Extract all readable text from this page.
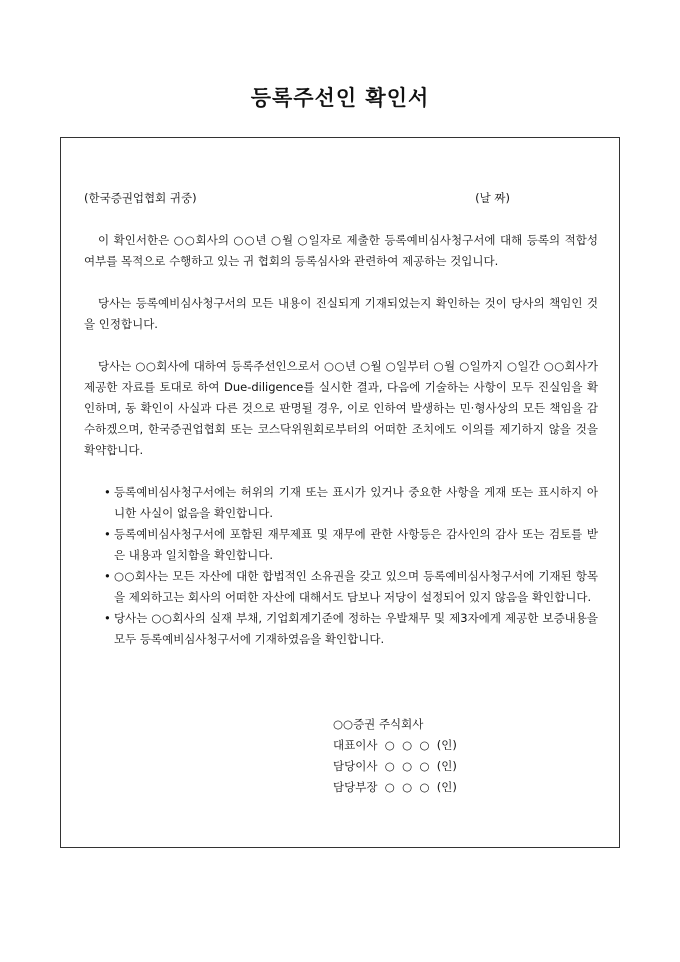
등록주선인 확인서
(한국증권업협회 귀중)	(날 짜)

이 확인서한은 ○○회사의 ○○년 ○월 ○일자로 제출한 등록예비심사청구서에 대해 등록의 적합성 여부를 목적으로 수행하고 있는 귀 협회의 등록심사와 관련하여 제공하는 것입니다.

당사는 등록예비심사청구서의 모든 내용이 진실되게 기재되었는지 확인하는 것이 당사의 책임인 것을 인정합니다.

당사는 ○○회사에 대하여 등록주선인으로서 ○○년 ○월 ○일부터 ○월 ○일까지 ○일간 ○○회사가 제공한 자료를 토대로 하여 Due-diligence를 실시한 결과, 다음에 기술하는 사항이 모두 진실임을 확인하며, 동 확인이 사실과 다른 것으로 판명될 경우, 이로 인하여 발생하는 민·형사상의 모든 책임을 감수하겠으며, 한국증권업협회 또는 코스닥위원회로부터의 어떠한 조치에도 이의를 제기하지 않을 것을 확약합니다.

• 등록예비심사청구서에는 허위의 기재 또는 표시가 있거나 중요한 사항을 게재 또는 표시하지 아니한 사실이 없음을 확인합니다.
• 등록예비심사청구서에 포함된 재무제표 및 재무에 관한 사항등은 감사인의 감사 또는 검토를 받은 내용과 일치함을 확인합니다.
• ○○회사는 모든 자산에 대한 합법적인 소유권을 갖고 있으며 등록예비심사청구서에 기재된 항목을 제외하고는 회사의 어떠한 자산에 대해서도 담보나 저당이 설정되어 있지 않음을 확인합니다.
• 당사는 ○○회사의 실재 부채, 기업회계기준에 정하는 우발채무 및 제3자에게 제공한 보증내용을 모두 등록예비심사청구서에 기재하였음을 확인합니다.
○○증권 주식회사
대표이사  ○  ○  ○  (인)
담당이사  ○  ○  ○  (인)
담당부장  ○  ○  ○  (인)
